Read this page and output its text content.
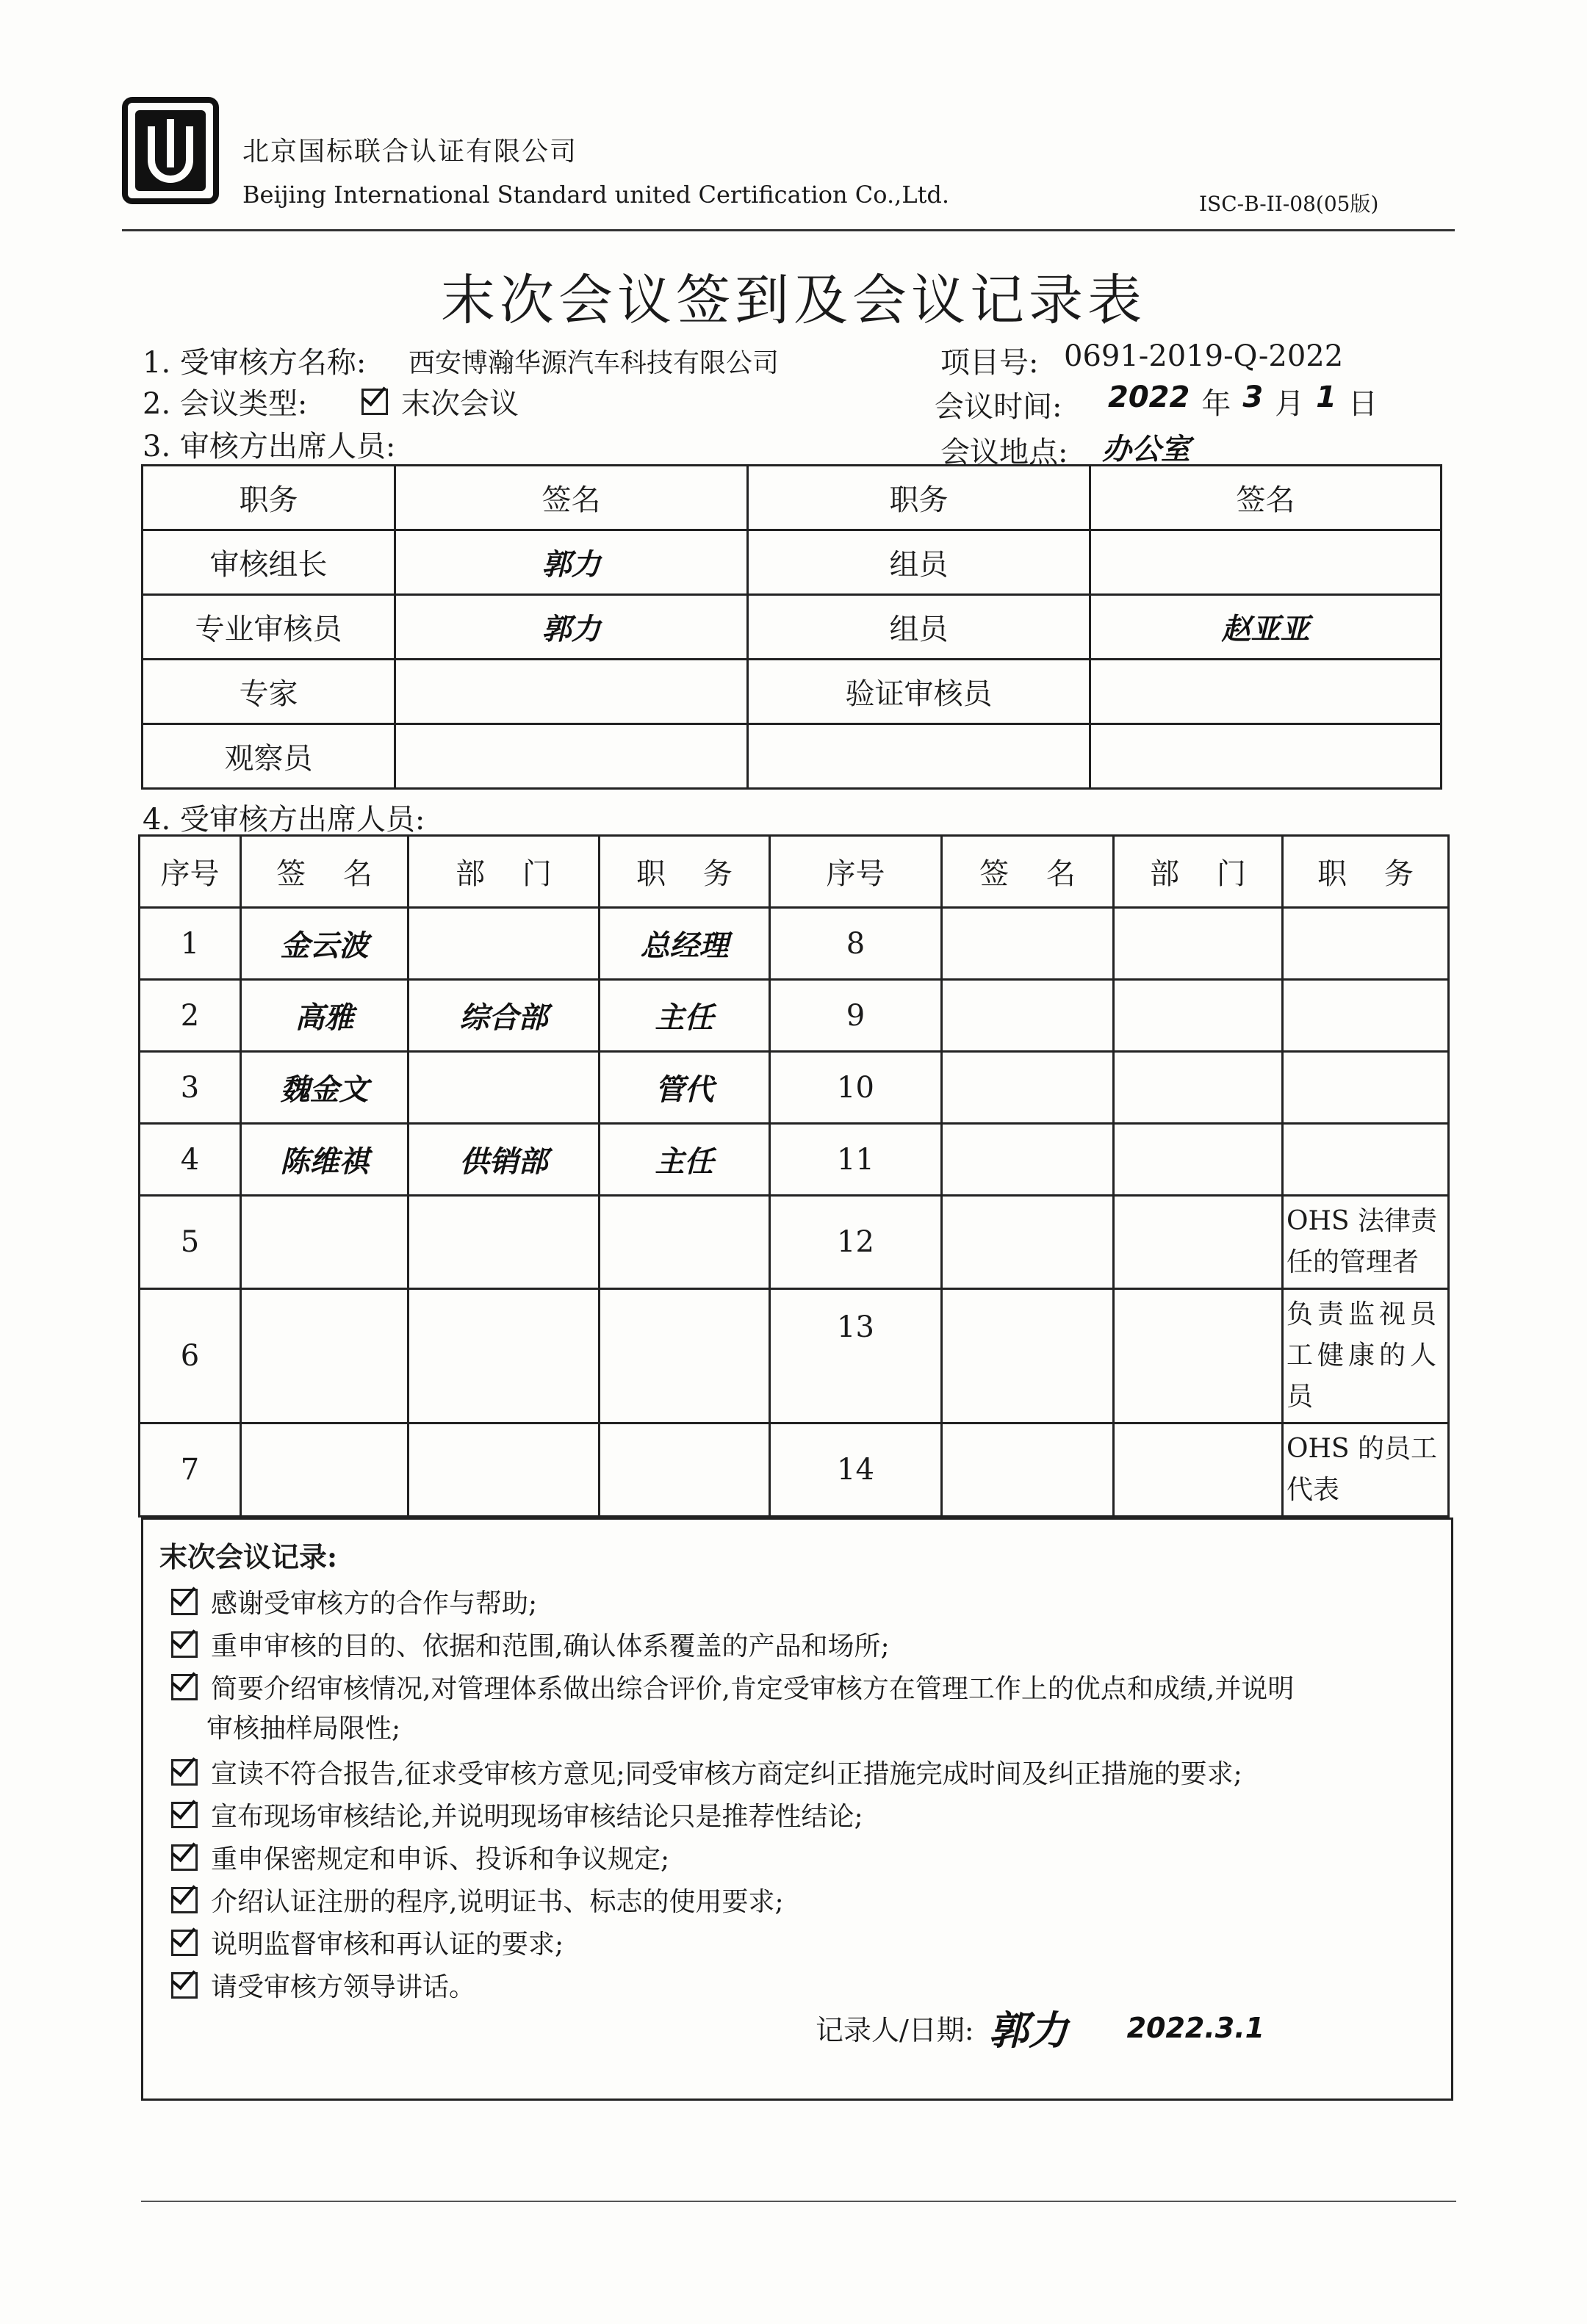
北京国标联合认证有限公司
Beijing International Standard united Certification Co.,Ltd.	ISC-B-II-08(05版)
末次会议签到及会议记录表
1. 受审核方名称: 西安博瀚华源汽车科技有限公司	项目号: 0691-2019-Q-2022
2. 会议类型:	末次会议	会议时间: 2022 年 3 月 1 日
3. 审核方出席人员:	会议地点: 办公室
职务	签名	职务	签名
审核组长	郭力	组员	
专业审核员	郭力	组员	赵亚亚
专家		验证审核员	
观察员			
4. 受审核方出席人员:
序号	签    名	部    门	职    务	序号	签    名	部    门	职    务
1	金云波		总经理	8			
2	高雅	综合部	主任	9			
3	魏金文		管代	10			
4	陈维祺	供销部	主任	11			
5				12			OHS 法律责任的管理者
6				13			负责监视员工健康的人员
7				14			OHS 的员工代表
末次会议记录:
感谢受审核方的合作与帮助;
重申审核的目的、依据和范围,确认体系覆盖的产品和场所;
简要介绍审核情况,对管理体系做出综合评价,肯定受审核方在管理工作上的优点和成绩,并说明
审核抽样局限性;
宣读不符合报告,征求受审核方意见;同受审核方商定纠正措施完成时间及纠正措施的要求;
宣布现场审核结论,并说明现场审核结论只是推荐性结论;
重申保密规定和申诉、投诉和争议规定;
介绍认证注册的程序,说明证书、标志的使用要求;
说明监督审核和再认证的要求;
请受审核方领导讲话。
记录人/日期: 郭力 2022.3.1
